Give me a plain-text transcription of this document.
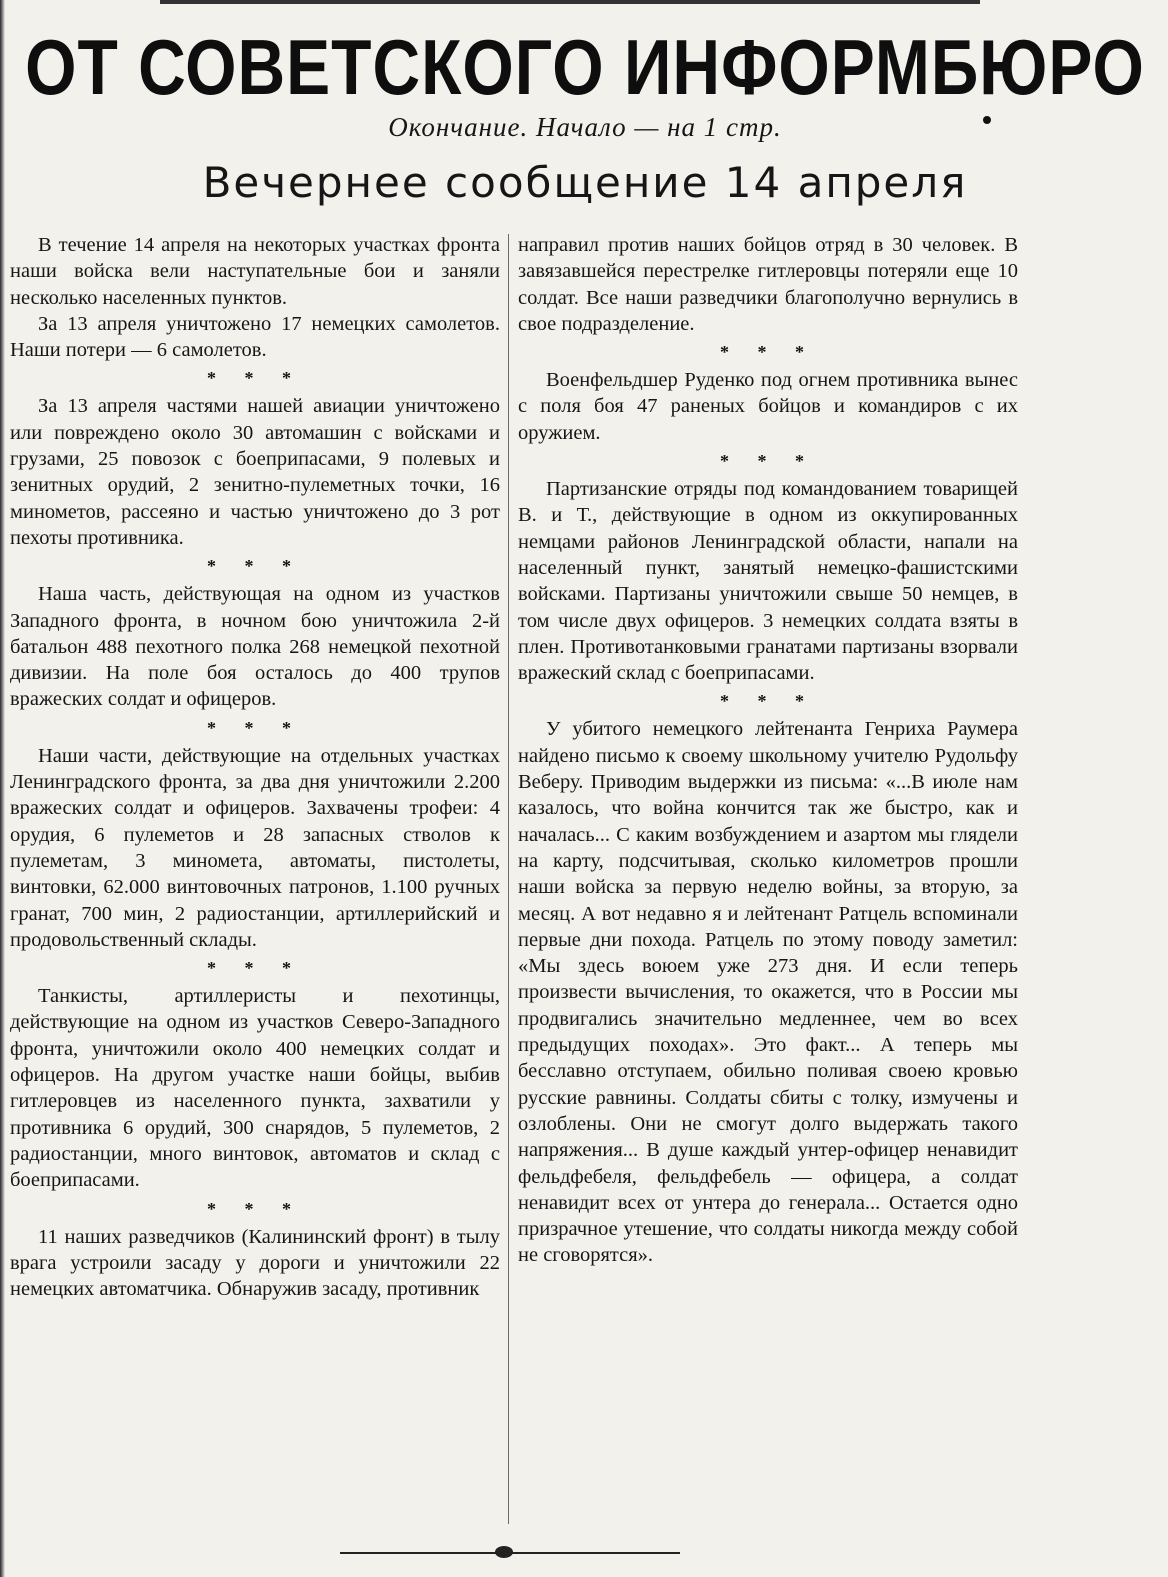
ОТ СОВЕТСКОГО ИНФОРМБЮРО
Окончание. Начало — на 1 стр.
Вечернее сообщение 14 апреля

В течение 14 апреля на некоторых участках фронта наши войска вели наступательные бои и заняли несколько населенных пунктов.

За 13 апреля уничтожено 17 немецких самолетов. Наши потери — 6 самолетов.

* * *

За 13 апреля частями нашей авиации уничтожено или повреждено около 30 автомашин с войсками и грузами, 25 повозок с боеприпасами, 9 полевых и зенитных орудий, 2 зенитно-пулеметных точки, 16 минометов, рассеяно и частью уничтожено до 3 рот пехоты противника.

* * *

Наша часть, действующая на одном из участков Западного фронта, в ночном бою уничтожила 2-й батальон 488 пехотного полка 268 немецкой пехотной дивизии. На поле боя осталось до 400 трупов вражеских солдат и офицеров.

* * *

Наши части, действующие на отдельных участках Ленинградского фронта, за два дня уничтожили 2.200 вражеских солдат и офицеров. Захвачены трофеи: 4 орудия, 6 пулеметов и 28 запасных стволов к пулеметам, 3 миномета, автоматы, пистолеты, винтовки, 62.000 винтовочных патронов, 1.100 ручных гранат, 700 мин, 2 радиостанции, артиллерийский и продовольственный склады.

* * *

Танкисты, артиллеристы и пехотинцы, действующие на одном из участков Северо-Западного фронта, уничтожили около 400 немецких солдат и офицеров. На другом участке наши бойцы, выбив гитлеровцев из населенного пункта, захватили у противника 6 орудий, 300 снарядов, 5 пулеметов, 2 радиостанции, много винтовок, автоматов и склад с боеприпасами.

* * *

11 наших разведчиков (Калининский фронт) в тылу врага устроили засаду у дороги и уничтожили 22 немецких автоматчика. Обнаружив засаду, противник

направил против наших бойцов отряд в 30 человек. В завязавшейся перестрелке гитлеровцы потеряли еще 10 солдат. Все наши разведчики благополучно вернулись в свое подразделение.

* * *

Военфельдшер Руденко под огнем противника вынес с поля боя 47 раненых бойцов и командиров с их оружием.

* * *

Партизанские отряды под командованием товарищей В. и Т., действующие в одном из оккупированных немцами районов Ленинградской области, напали на населенный пункт, занятый немецко-фашистскими войсками. Партизаны уничтожили свыше 50 немцев, в том числе двух офицеров. 3 немецких солдата взяты в плен. Противотанковыми гранатами партизаны взорвали вражеский склад с боеприпасами.

* * *

У убитого немецкого лейтенанта Генриха Раумера найдено письмо к своему школьному учителю Рудольфу Веберу. Приводим выдержки из письма: «...В июле нам казалось, что война кончится так же быстро, как и началась... С каким возбуждением и азартом мы глядели на карту, подсчитывая, сколько километров прошли наши войска за первую неделю войны, за вторую, за месяц. А вот недавно я и лейтенант Ратцель вспоминали первые дни похода. Ратцель по этому поводу заметил: «Мы здесь воюем уже 273 дня. И если теперь произвести вычисления, то окажется, что в России мы продвигались значительно медленнее, чем во всех предыдущих походах». Это факт... А теперь мы бесславно отступаем, обильно поливая своею кровью русские равнины. Солдаты сбиты с толку, измучены и озлоблены. Они не смогут долго выдержать такого напряжения... В душе каждый унтер-офицер ненавидит фельдфебеля, фельдфебель — офицера, а солдат ненавидит всех от унтера до генерала... Остается одно призрачное утешение, что солдаты никогда между собой не сговорятся».
